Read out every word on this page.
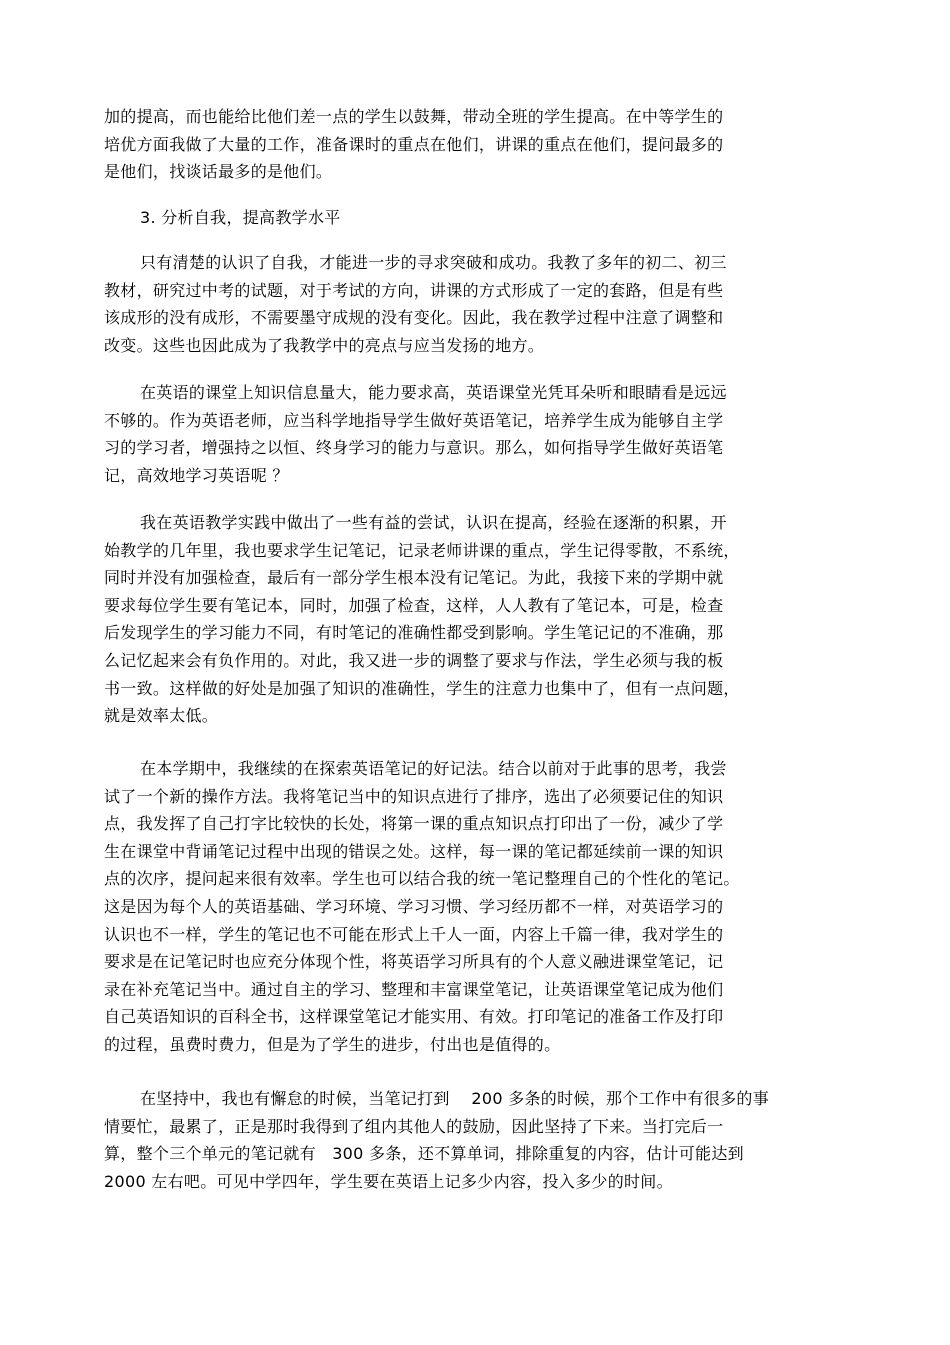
加的提高，而也能给比他们差一点的学生以鼓舞，带动全班的学生提高。在中等学生的
培优方面我做了大量的工作，准备课时的重点在他们，讲课的重点在他们，提问最多的
是他们，找谈话最多的是他们。
3. 分析自我，提高教学水平
只有清楚的认识了自我，才能进一步的寻求突破和成功。我教了多年的初二、初三
教材，研究过中考的试题，对于考试的方向，讲课的方式形成了一定的套路，但是有些
该成形的没有成形，不需要墨守成规的没有变化。因此，我在教学过程中注意了调整和
改变。这些也因此成为了我教学中的亮点与应当发扬的地方。
在英语的课堂上知识信息量大，能力要求高，英语课堂光凭耳朵听和眼睛看是远远
不够的。作为英语老师，应当科学地指导学生做好英语笔记，培养学生成为能够自主学
习的学习者，增强持之以恒、终身学习的能力与意识。那么，如何指导学生做好英语笔
记，高效地学习英语呢 ？
我在英语教学实践中做出了一些有益的尝试，认识在提高，经验在逐渐的积累，开
始教学的几年里，我也要求学生记笔记，记录老师讲课的重点，学生记得零散，不系统，
同时并没有加强检查，最后有一部分学生根本没有记笔记。为此，我接下来的学期中就
要求每位学生要有笔记本，同时，加强了检查，这样，人人教有了笔记本，可是，检查
后发现学生的学习能力不同，有时笔记的准确性都受到影响。学生笔记记的不准确，那
么记忆起来会有负作用的。对此，我又进一步的调整了要求与作法，学生必须与我的板
书一致。这样做的好处是加强了知识的准确性，学生的注意力也集中了，但有一点问题，
就是效率太低。
在本学期中，我继续的在探索英语笔记的好记法。结合以前对于此事的思考，我尝
试了一个新的操作方法。我将笔记当中的知识点进行了排序，选出了必须要记住的知识
点，我发挥了自己打字比较快的长处，将第一课的重点知识点打印出了一份，减少了学
生在课堂中背诵笔记过程中出现的错误之处。这样，每一课的笔记都延续前一课的知识
点的次序，提问起来很有效率。学生也可以结合我的统一笔记整理自己的个性化的笔记。
这是因为每个人的英语基础、学习环境、学习习惯、学习经历都不一样，对英语学习的
认识也不一样，学生的笔记也不可能在形式上千人一面，内容上千篇一律，我对学生的
要求是在记笔记时也应充分体现个性，将英语学习所具有的个人意义融进课堂笔记，记
录在补充笔记当中。通过自主的学习、整理和丰富课堂笔记，让英语课堂笔记成为他们
自己英语知识的百科全书，这样课堂笔记才能实用、有效。打印笔记的准备工作及打印
的过程，虽费时费力，但是为了学生的进步，付出也是值得的。
在坚持中，我也有懈怠的时候，当笔记打到　 200 多条的时候，那个工作中有很多的事
情要忙，最累了，正是那时我得到了组内其他人的鼓励，因此坚持了下来。当打完后一
算，整个三个单元的笔记就有　300 多条，还不算单词，排除重复的内容，估计可能达到
2000 左右吧。可见中学四年，学生要在英语上记多少内容，投入多少的时间。
